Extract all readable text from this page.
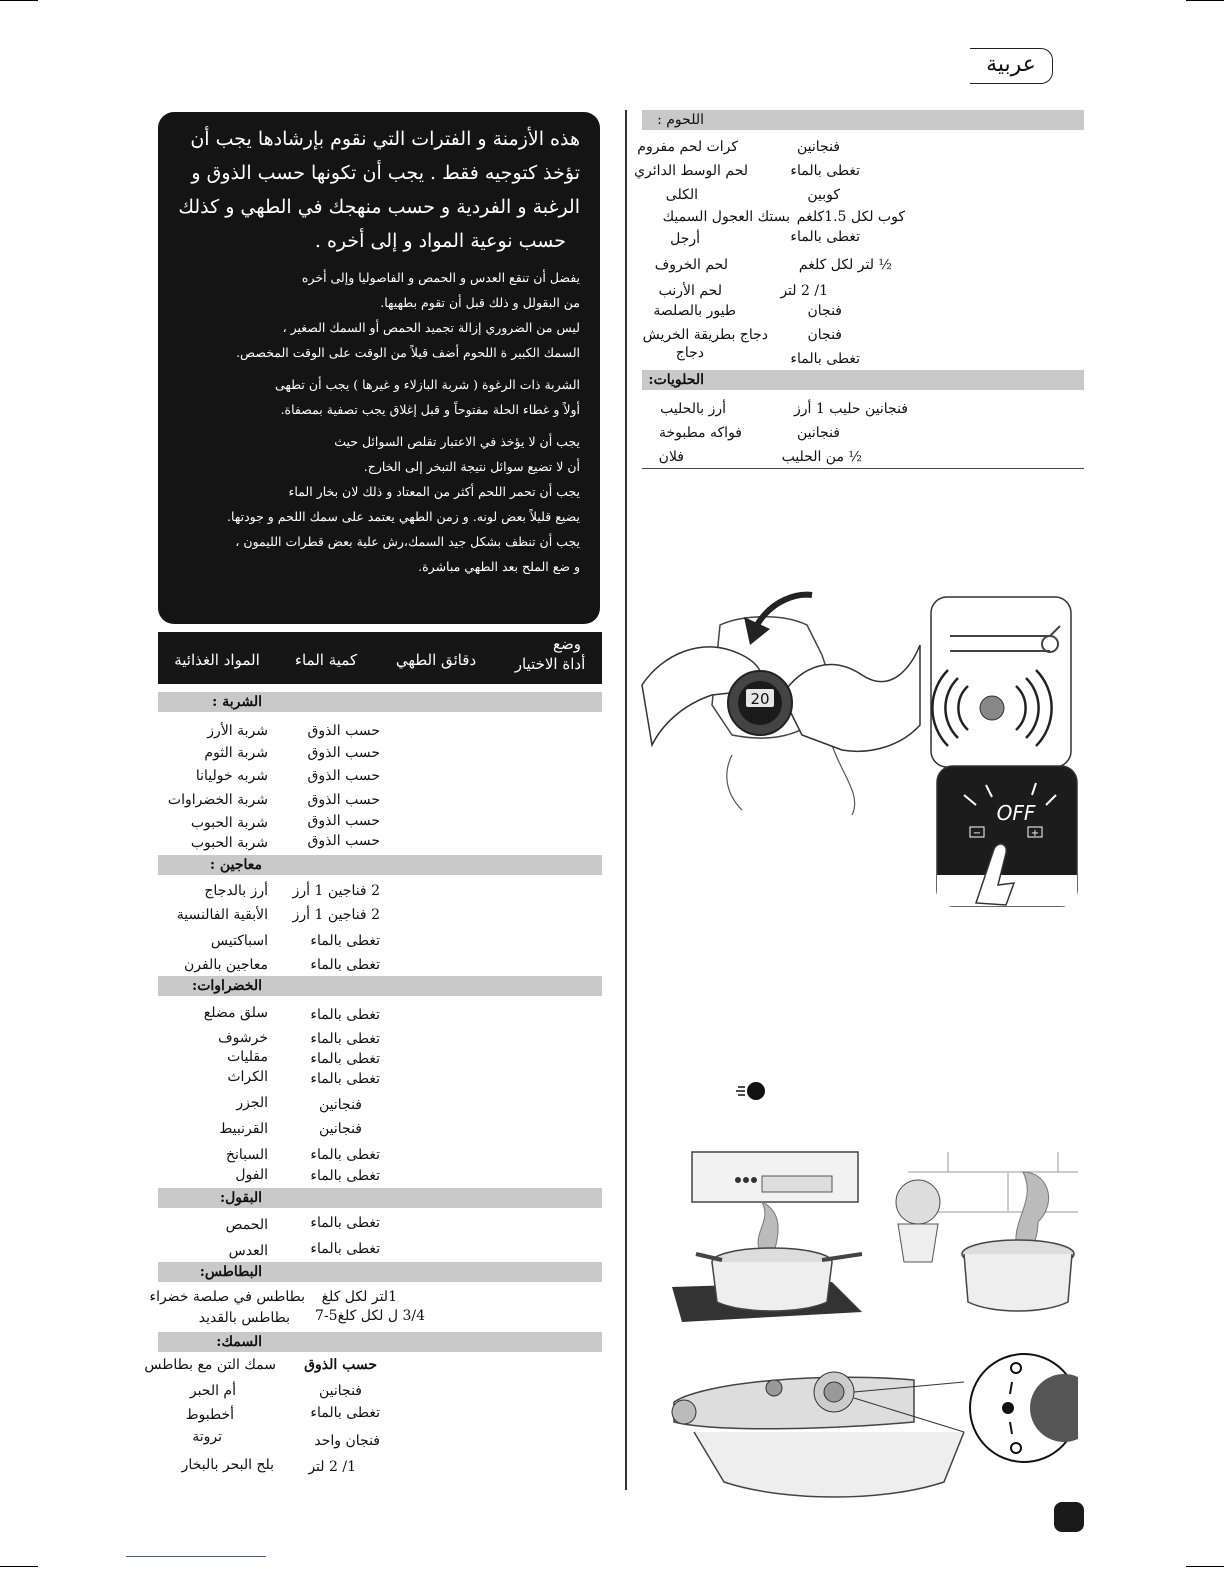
عربية

هذه الأزمنة و الفترات التي نقوم بإرشادها يجب أن

تؤخذ كتوجيه فقط . يجب أن تكونها حسب الذوق و

الرغبة و الفردية و حسب منهجك في الطهي و كذلك

حسب نوعية المواد و إلى أخره .

يفضل أن تنقع العدس و الحمص و الفاصوليا وإلى أخره

من البقولل و ذلك قبل أن تقوم بطهيها.

ليس من الضروري إزالة تجميد الحمص أو السمك الصغير ،

السمك الكبير ة اللحوم أضف قيلاً من الوقت على الوقت المخصص.

الشربة ذات الرغوة ( شربة البازلاء و غيرها ) يجب أن تطهى

أولاً و غطاء الحلة مفتوحاً و قبل إغلاق يجب تصفية بمصفاة.

يجب أن لا يؤخذ في الاعتبار تقلص السوائل حيث

أن لا تضيع سوائل نتيجة التبخر إلى الخارج.

يجب أن تحمر اللحم أكثر من المعتاد و ذلك لان بخار الماء

يضيع قليلاً بعض لونه. و زمن الطهي يعتمد على سمك اللحم و جودتها.

يجب أن تنظف بشكل جيد السمك،رش علية بعض قطرات الليمون ،

و ضع الملح بعد الطهي مباشرة.

المواد الغذائية	كمية الماء	دقائق الطهي
وضع
أداة الاختيار
الشربة :
شربة الأرز	حسب الذوق
شربة الثوم	حسب الذوق
شربه خوليانا	حسب الذوق
شربة الخضراوات	حسب الذوق
شربة الحبوب	حسب الذوق
شربة الحبوب	حسب الذوق
معاجين :
أرز بالدجاج 2 فناجين 1 أرز
الأبقية الفالنسية 2 فناجين 1 أرز
اسباكتيس	تغطى بالماء
معاجين بالفرن	تغطى بالماء
الخضراوات:
سلق مضلع	تغطى بالماء
خرشوف	تغطى بالماء
مقليات	تغطى بالماء
الكراث	تغطى بالماء
الجزر	فنجانين
القرنبيط	فنجانين
السبانخ	تغطى بالماء
الفول	تغطى بالماء
البقول:
الحمص	تغطى بالماء
العدس	تغطى بالماء
البطاطس:
بطاطس في صلصة خضراء 1لتر لكل كلغ
بطاطس بالقديد 3/4 ل لكل كلغ5-7
السمك:
سمك التن مع بطاطس حسب الذوق
أم الحبر	فنجانين
أخطبوط	تغطى بالماء
تروتة	فنجان واحد
بلح البحر بالبخار 1/ 2 لتر
اللحوم :
كرات لحم مفروم	فنجانين
لحم الوسط الدائري	تغطى بالماء
الكلى	كوبين
بستك العجول السميك كوب لكل 1.5كلغم
أرجل	تغطى بالماء
لحم الخروف	½ لتر لكل كلغم
لحم الأرنب	1/ 2 لتر
طيور بالصلصة	فنجان
دجاج بطريقة الخريش	فنجان
دجاج	تغطى بالماء
الحلويات:
أرز بالحليب	فنجانين حليب 1 أرز
فواكه مطبوخة	فنجانين
فلان	½ من الحليب
20
OFF
−	+
